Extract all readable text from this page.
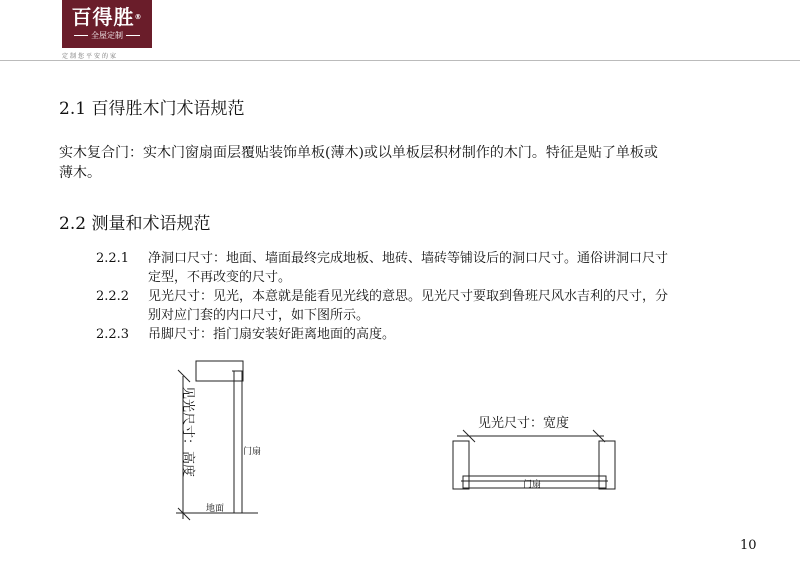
百得胜®
全屋定制
定制您平安的家
2.1 百得胜木门术语规范
实木复合门：实木门窗扇面层覆贴装饰单板(薄木)或以单板层积材制作的木门。特征是贴了单板或
薄木。
2.2 测量和术语规范
2.2.1 净洞口尺寸：地面、墙面最终完成地板、地砖、墙砖等铺设后的洞口尺寸。通俗讲洞口尺寸
定型，不再改变的尺寸。
2.2.2 见光尺寸：见光，本意就是能看见光线的意思。见光尺寸要取到鲁班尺风水吉利的尺寸，分
别对应门套的内口尺寸，如下图所示。
2.2.3 吊脚尺寸：指门扇安装好距离地面的高度。
见光尺寸：高度	门扇
地面
见光尺寸：宽度
门扇
10
